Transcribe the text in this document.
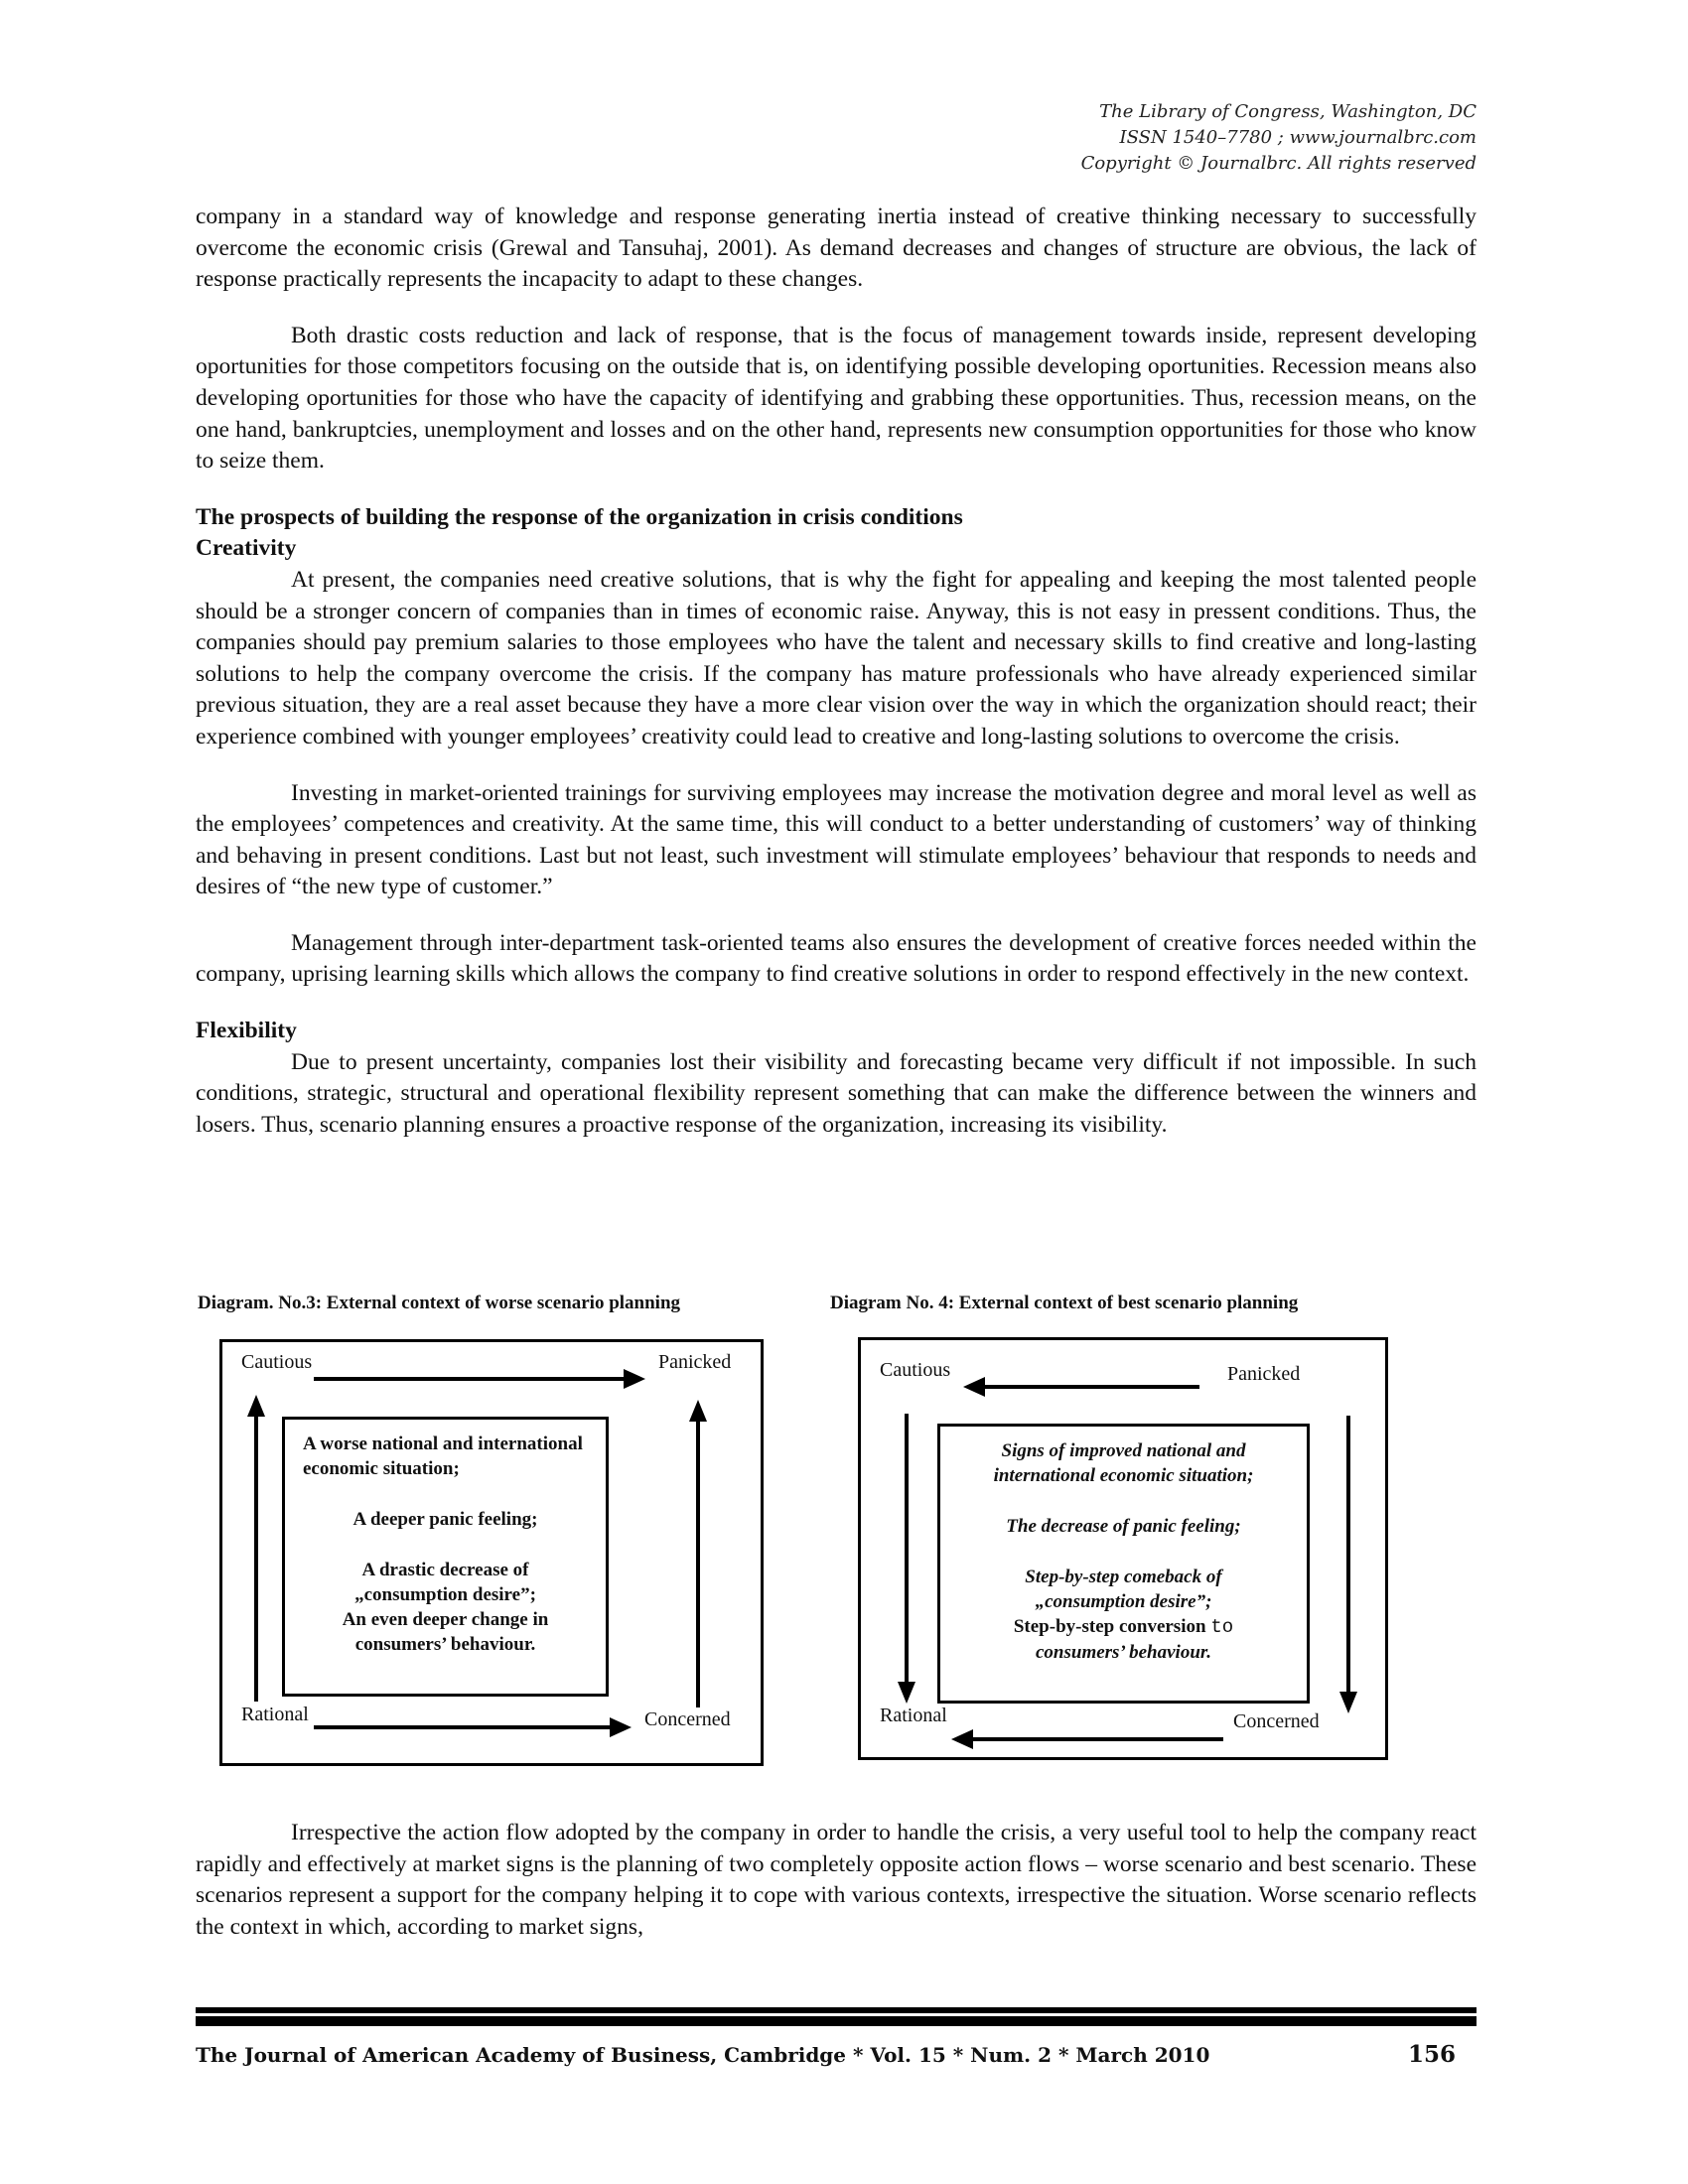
The Library of Congress, Washington, DC
ISSN 1540–7780 ; www.journalbrc.com
Copyright © Journalbrc. All rights reserved

company in a standard way of knowledge and response generating inertia instead of creative thinking necessary to successfully overcome the economic crisis (Grewal and Tansuhaj, 2001). As demand decreases and changes of structure are obvious, the lack of response practically represents the incapacity to adapt to these changes.

Both drastic costs reduction and lack of response, that is the focus of management towards inside, represent developing oportunities for those competitors focusing on the outside that is, on identifying possible developing oportunities. Recession means also developing oportunities for those who have the capacity of identifying and grabbing these opportunities. Thus, recession means, on the one hand, bankruptcies, unemployment and losses and on the other hand, represents new consumption opportunities for those who know to seize them.

The prospects of building the response of the organization in crisis conditions

Creativity

At present, the companies need creative solutions, that is why the fight for appealing and keeping the most talented people should be a stronger concern of companies than in times of economic raise. Anyway, this is not easy in pressent conditions. Thus, the companies should pay premium salaries to those employees who have the talent and necessary skills to find creative and long-lasting solutions to help the company overcome the crisis. If the company has mature professionals who have already experienced similar previous situation, they are a real asset because they have a more clear vision over the way in which the organization should react; their experience combined with younger employees’ creativity could lead to creative and long-lasting solutions to overcome the crisis.

Investing in market-oriented trainings for surviving employees may increase the motivation degree and moral level as well as the employees’ competences and creativity. At the same time, this will conduct to a better understanding of customers’ way of thinking and behaving in present conditions. Last but not least, such investment will stimulate employees’ behaviour that responds to needs and desires of “the new type of customer.”

Management through inter-department task-oriented teams also ensures the development of creative forces needed within the company, uprising learning skills which allows the company to find creative solutions in order to respond effectively in the new context.

Flexibility

Due to present uncertainty, companies lost their visibility and forecasting became very difficult if not impossible. In such conditions, strategic, structural and operational flexibility represent something that can make the difference between the winners and losers. Thus, scenario planning ensures a proactive response of the organization, increasing its visibility.

Diagram. No.3: External context of worse scenario planning
Cautious	Panicked
Rational	Concerned
A worse national and international
economic situation;
A deeper panic feeling;
A drastic decrease of
„consumption desire”;
An even deeper change in
consumers’ behaviour.
Diagram No. 4: External context of best scenario planning
Cautious	Panicked
Rational	Concerned
Signs of improved national and
international economic situation;
The decrease of panic feeling;
Step-by-step comeback of
„consumption desire”;
Step-by-step conversion to
consumers’ behaviour.

Irrespective the action flow adopted by the company in order to handle the crisis, a very useful tool to help the company react rapidly and effectively at market signs is the planning of two completely opposite action flows – worse scenario and best scenario. These scenarios represent a support for the company helping it to cope with various contexts, irrespective the situation. Worse scenario reflects the context in which, according to market signs,

The Journal of American Academy of Business, Cambridge * Vol. 15 * Num. 2 * March 2010	156
